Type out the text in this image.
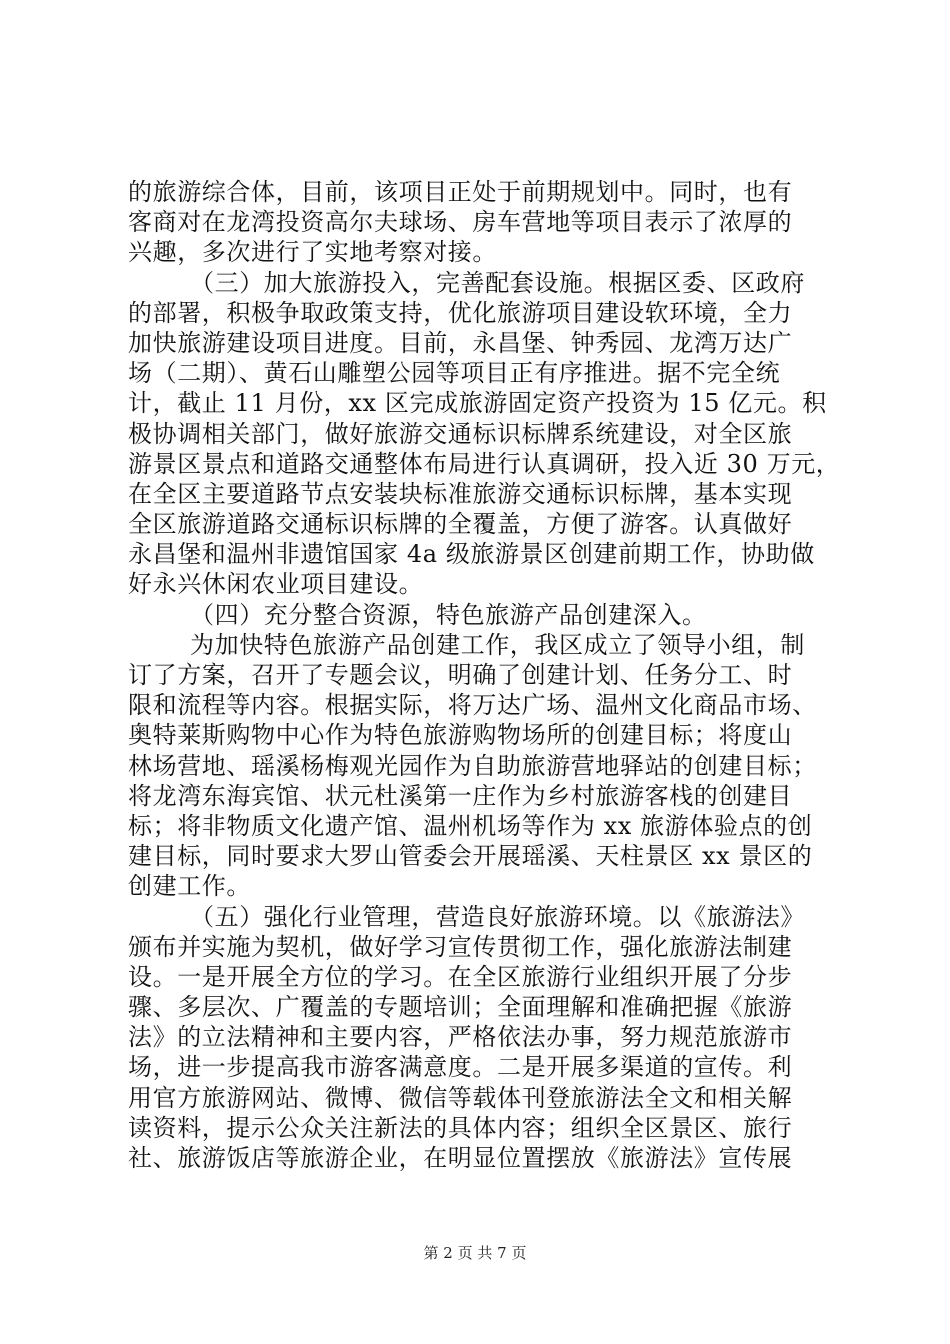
的旅游综合体，目前，该项目正处于前期规划中。同时，也有
客商对在龙湾投资高尔夫球场、房车营地等项目表示了浓厚的
兴趣，多次进行了实地考察对接。
（三）加大旅游投入，完善配套设施。根据区委、区政府
的部署，积极争取政策支持，优化旅游项目建设软环境，全力
加快旅游建设项目进度。目前，永昌堡、钟秀园、龙湾万达广
场（二期）、黄石山雕塑公园等项目正有序推进。据不完全统
计，截止 11 月份，xx 区完成旅游固定资产投资为 15 亿元。积
极协调相关部门，做好旅游交通标识标牌系统建设，对全区旅
游景区景点和道路交通整体布局进行认真调研，投入近 30 万元，
在全区主要道路节点安装块标准旅游交通标识标牌，基本实现
全区旅游道路交通标识标牌的全覆盖，方便了游客。认真做好
永昌堡和温州非遗馆国家 4a 级旅游景区创建前期工作，协助做
好永兴休闲农业项目建设。
（四）充分整合资源，特色旅游产品创建深入。
为加快特色旅游产品创建工作，我区成立了领导小组，制
订了方案，召开了专题会议，明确了创建计划、任务分工、时
限和流程等内容。根据实际，将万达广场、温州文化商品市场、
奥特莱斯购物中心作为特色旅游购物场所的创建目标；将度山
林场营地、瑶溪杨梅观光园作为自助旅游营地驿站的创建目标；
将龙湾东海宾馆、状元杜溪第一庄作为乡村旅游客栈的创建目
标；将非物质文化遗产馆、温州机场等作为 xx 旅游体验点的创
建目标，同时要求大罗山管委会开展瑶溪、天柱景区 xx 景区的
创建工作。
（五）强化行业管理，营造良好旅游环境。以《旅游法》
颁布并实施为契机，做好学习宣传贯彻工作，强化旅游法制建
设。一是开展全方位的学习。在全区旅游行业组织开展了分步
骤、多层次、广覆盖的专题培训；全面理解和准确把握《旅游
法》的立法精神和主要内容，严格依法办事，努力规范旅游市
场，进一步提高我市游客满意度。二是开展多渠道的宣传。利
用官方旅游网站、微博、微信等载体刊登旅游法全文和相关解
读资料，提示公众关注新法的具体内容；组织全区景区、旅行
社、旅游饭店等旅游企业，在明显位置摆放《旅游法》宣传展
第 2 页 共 7 页
